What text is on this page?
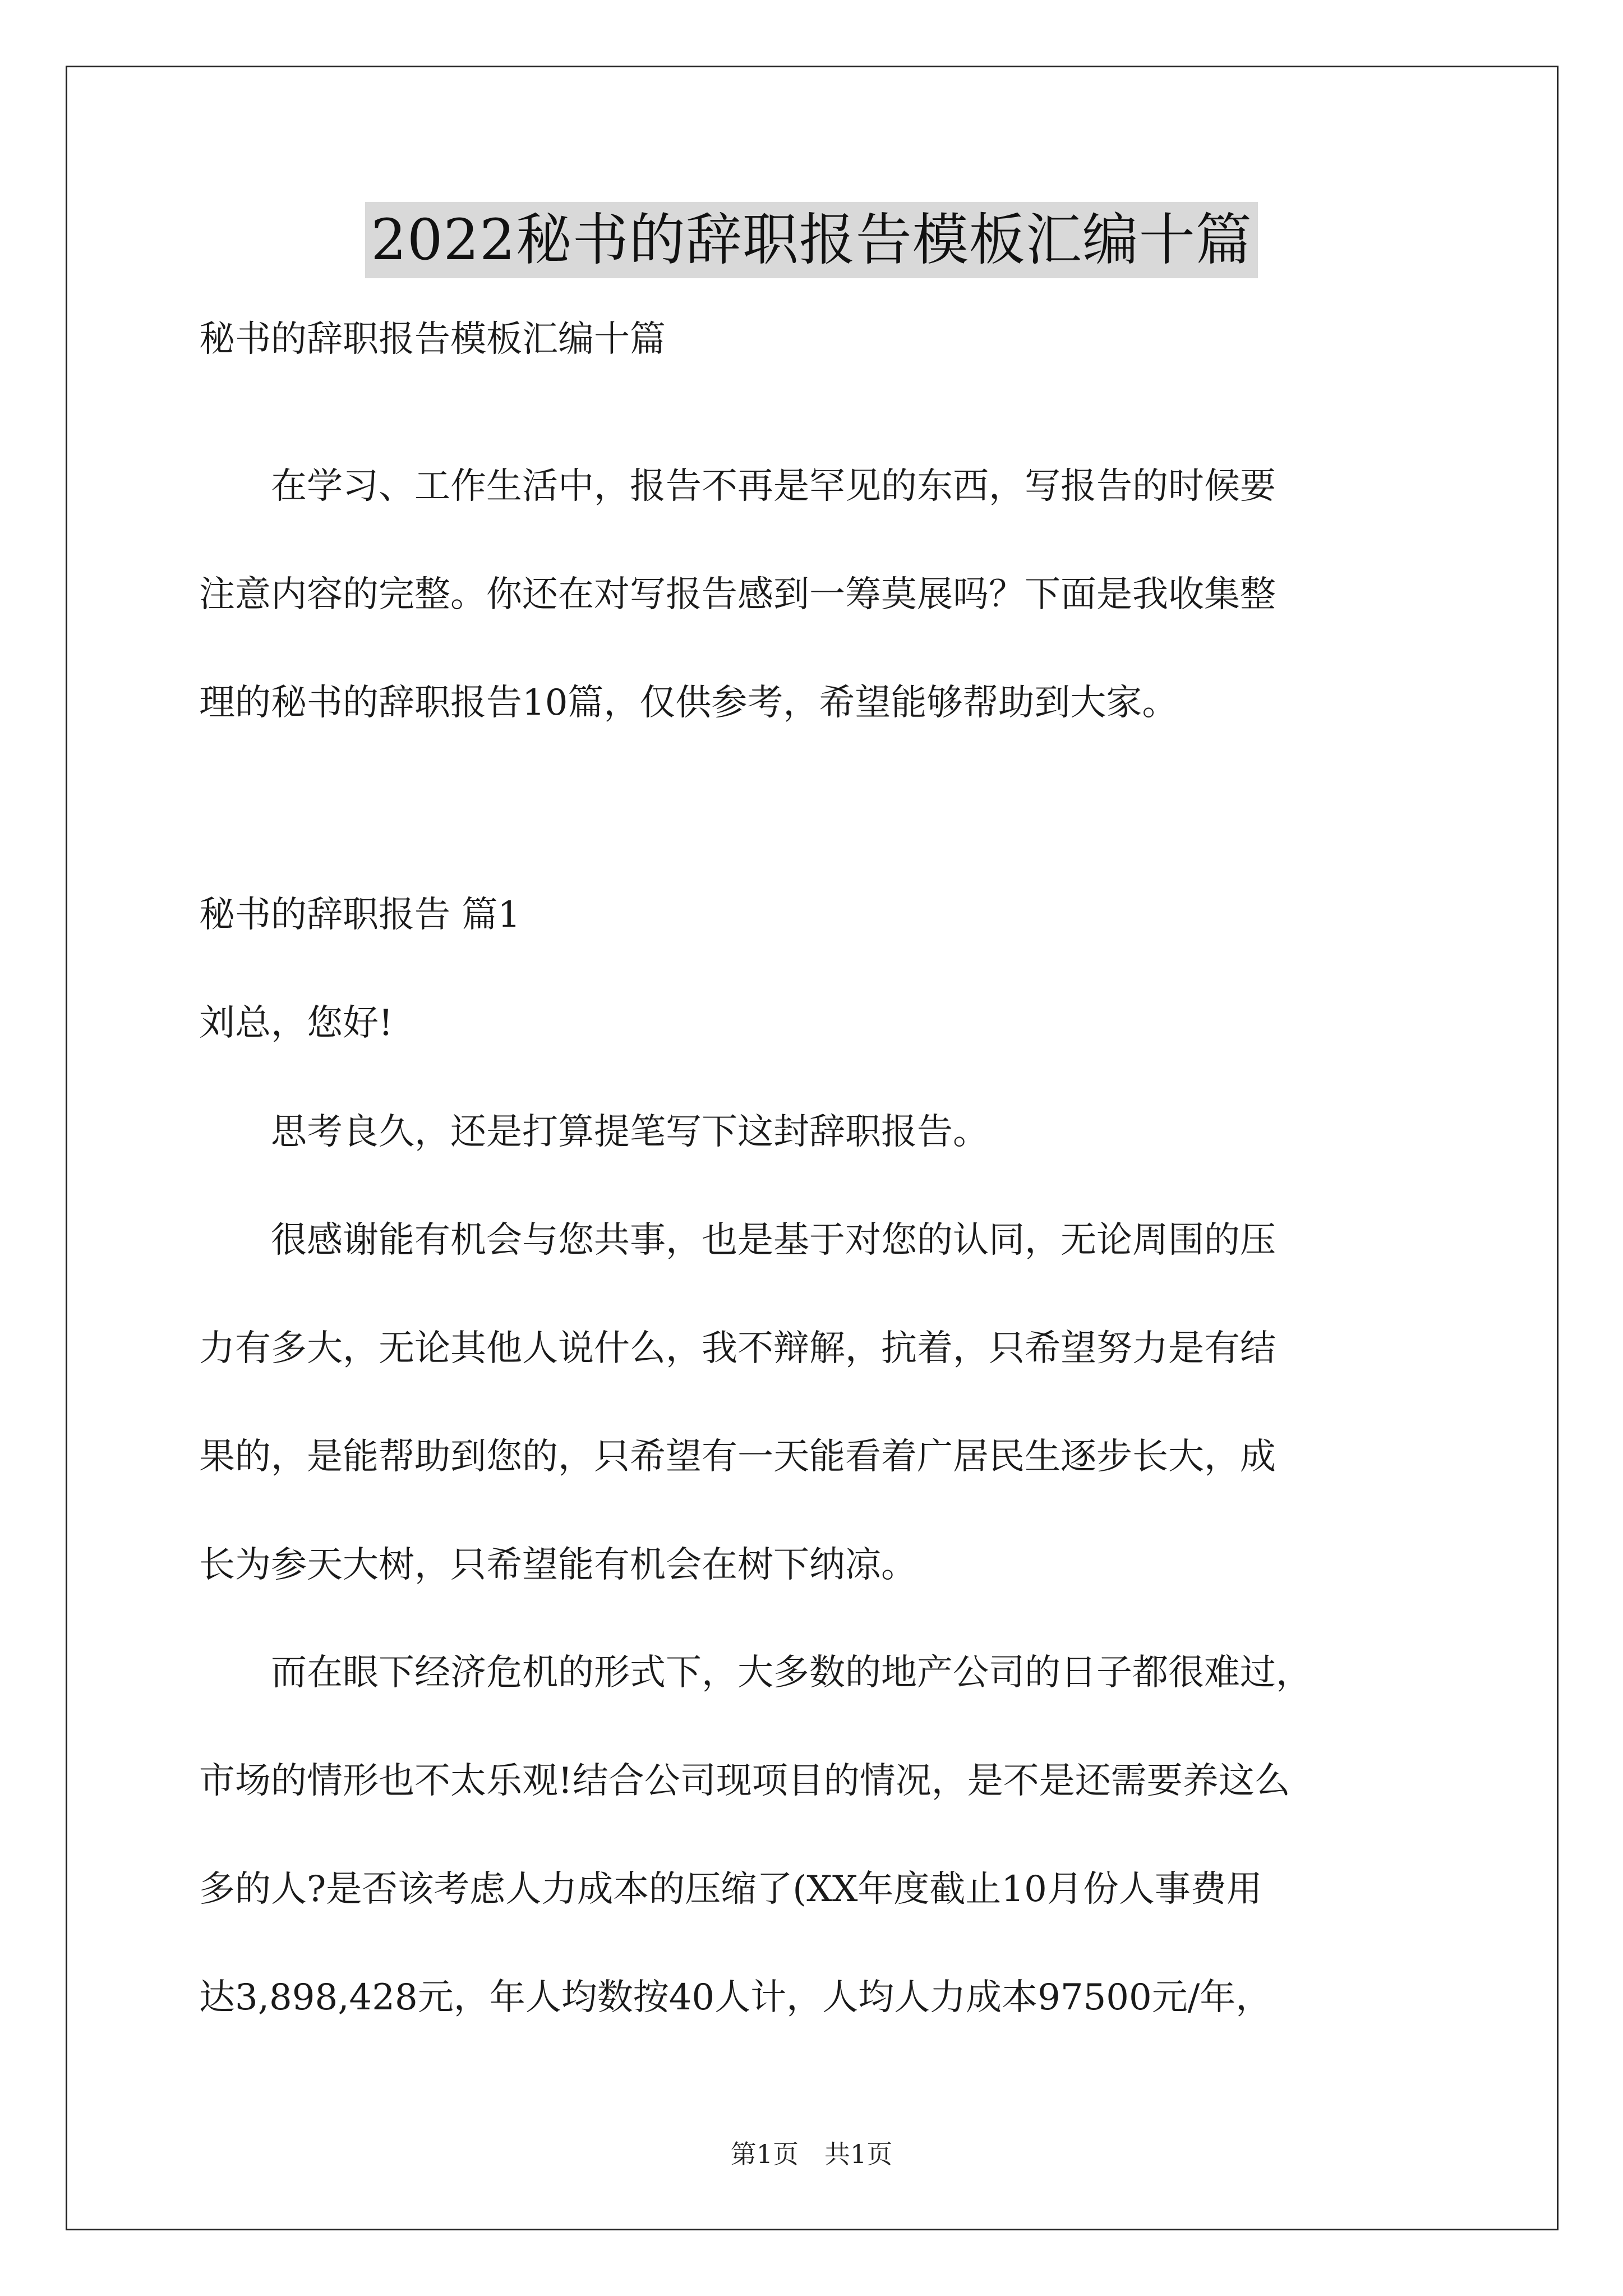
2022秘书的辞职报告模板汇编十篇
秘书的辞职报告模板汇编十篇
　　在学习、工作生活中，报告不再是罕见的东西，写报告的时候要
注意内容的完整。你还在对写报告感到一筹莫展吗？下面是我收集整
理的秘书的辞职报告10篇，仅供参考，希望能够帮助到大家。
秘书的辞职报告 篇1
刘总，您好!
　　思考良久，还是打算提笔写下这封辞职报告。
　　很感谢能有机会与您共事，也是基于对您的认同，无论周围的压
力有多大，无论其他人说什么，我不辩解，抗着，只希望努力是有结
果的，是能帮助到您的，只希望有一天能看着广居民生逐步长大，成
长为参天大树，只希望能有机会在树下纳凉。
　　而在眼下经济危机的形式下，大多数的地产公司的日子都很难过，
市场的情形也不太乐观!结合公司现项目的情况，是不是还需要养这么
多的人?是否该考虑人力成本的压缩了(XX年度截止10月份人事费用
达3,898,428元，年人均数按40人计，人均人力成本97500元/年，
第1页　共1页
